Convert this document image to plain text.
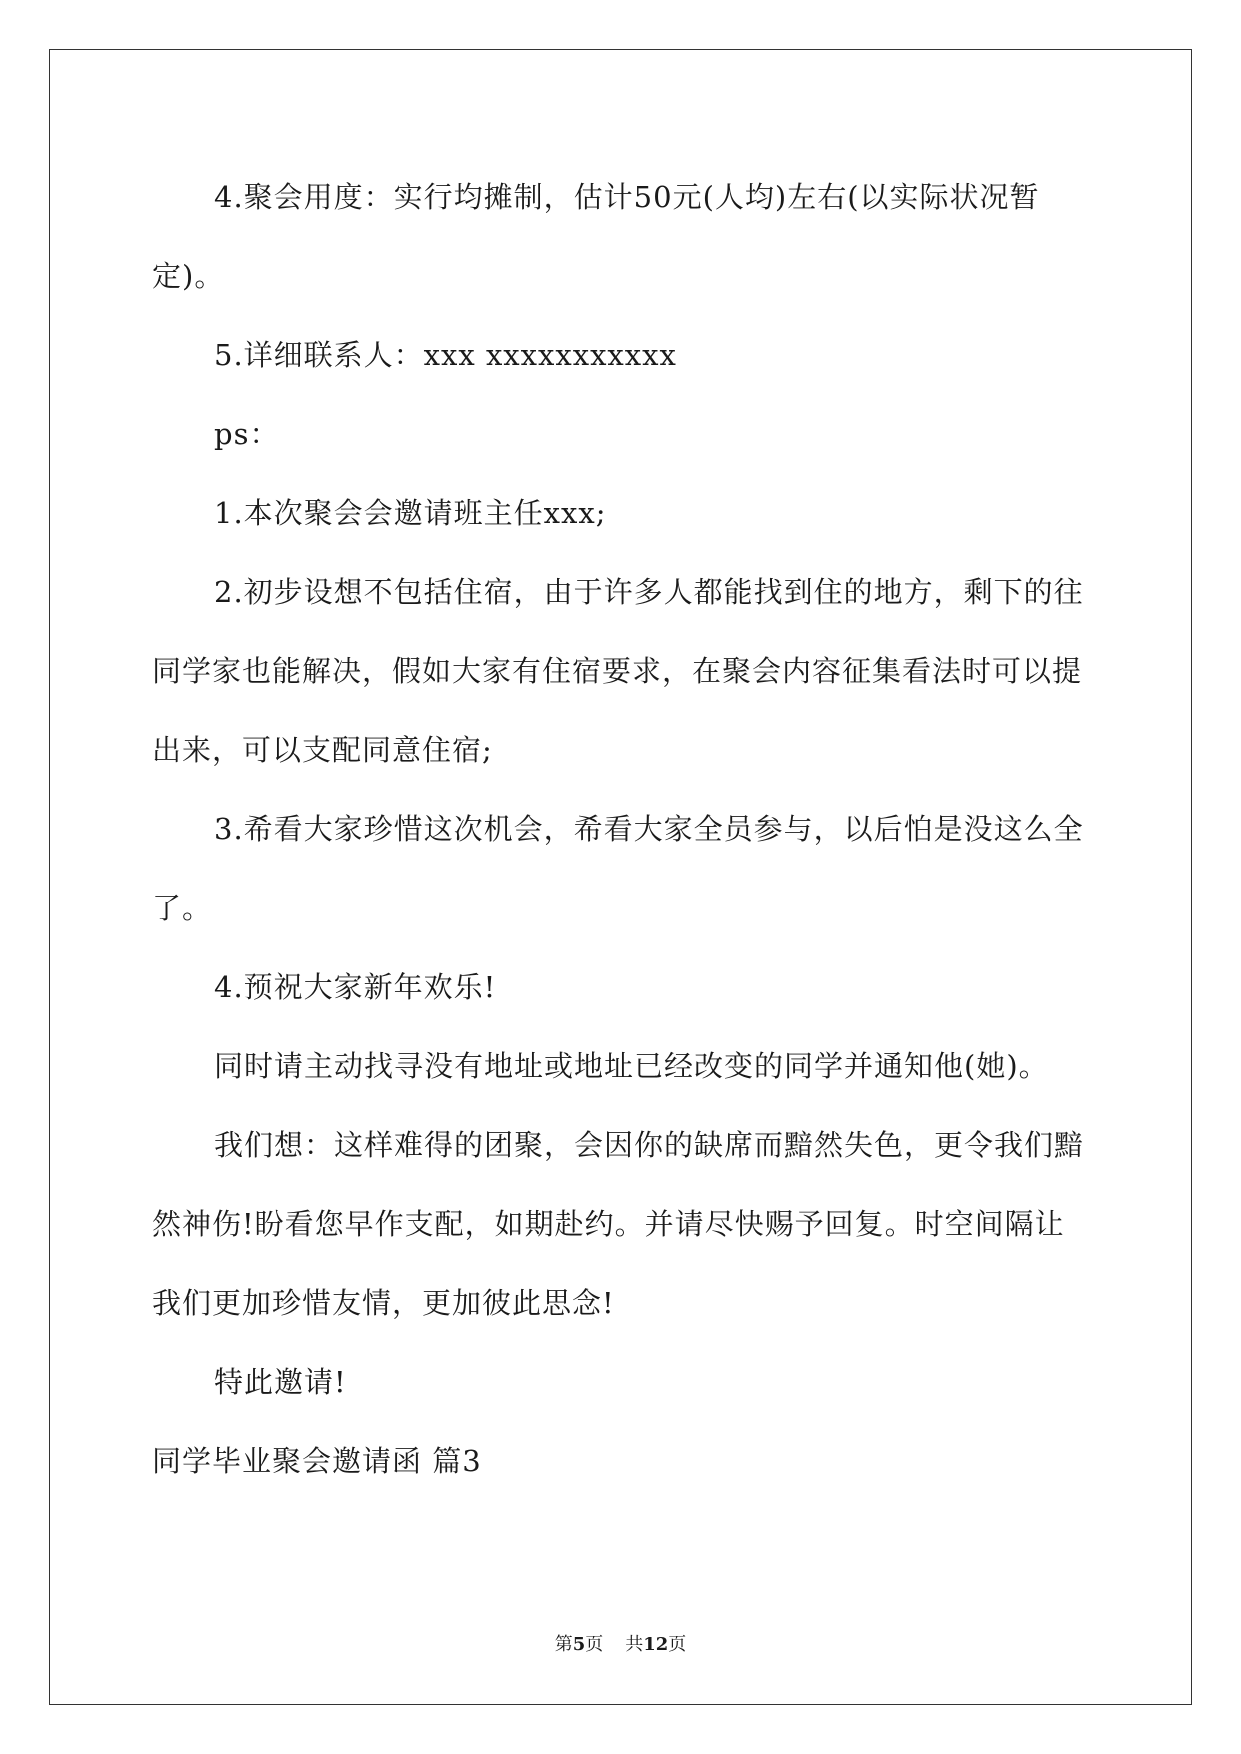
4.聚会用度：实行均摊制，估计50元(人均)左右(以实际状况暂定)。

5.详细联系人：xxx xxxxxxxxxxx

ps：

1.本次聚会会邀请班主任xxx;

2.初步设想不包括住宿，由于许多人都能找到住的地方，剩下的往同学家也能解决，假如大家有住宿要求，在聚会内容征集看法时可以提出来，可以支配同意住宿;

3.希看大家珍惜这次机会，希看大家全员参与，以后怕是没这么全了。

4.预祝大家新年欢乐!

同时请主动找寻没有地址或地址已经改变的同学并通知他(她)。

我们想：这样难得的团聚，会因你的缺席而黯然失色，更令我们黯然神伤!盼看您早作支配，如期赴约。并请尽快赐予回复。时空间隔让我们更加珍惜友情，更加彼此思念!

特此邀请!

同学毕业聚会邀请函 篇3

第5页 共12页
